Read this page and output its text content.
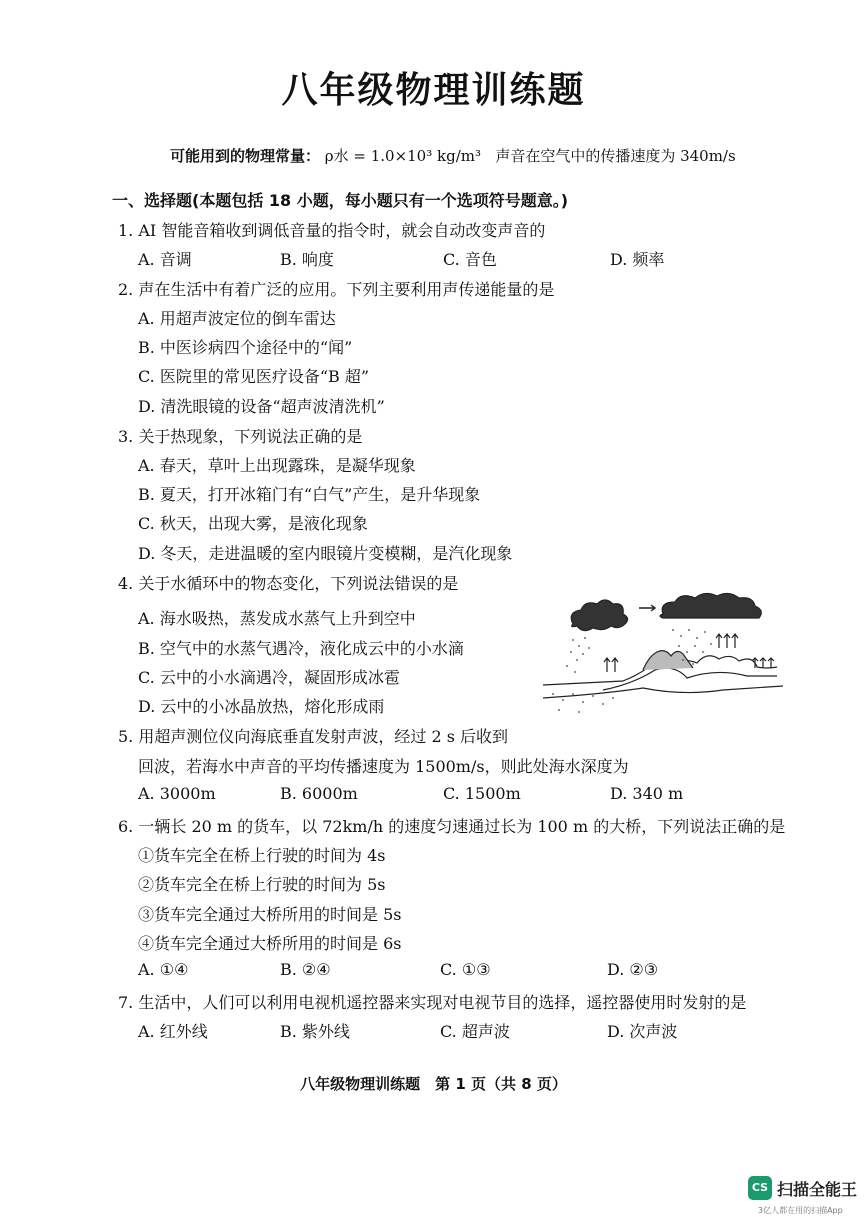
八年级物理训练题
可能用到的物理常量： ρ水 = 1.0×10³ kg/m³ 声音在空气中的传播速度为 340m/s
一、选择题(本题包括 18 小题，每小题只有一个选项符号题意。)
1. AI 智能音箱收到调低音量的指令时，就会自动改变声音的
A. 音调	B. 响度	C. 音色	D. 频率
2. 声在生活中有着广泛的应用。下列主要利用声传递能量的是
A. 用超声波定位的倒车雷达
B. 中医诊病四个途径中的“闻”
C. 医院里的常见医疗设备“B 超”
D. 清洗眼镜的设备“超声波清洗机”
3. 关于热现象，下列说法正确的是
A. 春天，草叶上出现露珠，是凝华现象
B. 夏天，打开冰箱门有“白气”产生，是升华现象
C. 秋天，出现大雾，是液化现象
D. 冬天，走进温暖的室内眼镜片变模糊，是汽化现象
4. 关于水循环中的物态变化，下列说法错误的是
A. 海水吸热，蒸发成水蒸气上升到空中
B. 空气中的水蒸气遇冷，液化成云中的小水滴
C. 云中的小水滴遇冷，凝固形成冰雹
D. 云中的小冰晶放热，熔化形成雨
5. 用超声测位仪向海底垂直发射声波，经过 2 s 后收到
回波，若海水中声音的平均传播速度为 1500m/s，则此处海水深度为
A. 3000m	B. 6000m	C. 1500m	D. 340 m
6. 一辆长 20 m 的货车，以 72km/h 的速度匀速通过长为 100 m 的大桥，下列说法正确的是
①货车完全在桥上行驶的时间为 4s
②货车完全在桥上行驶的时间为 5s
③货车完全通过大桥所用的时间是 5s
④货车完全通过大桥所用的时间是 6s
A. ①④	B. ②④	C. ①③	D. ②③
7. 生活中，人们可以利用电视机遥控器来实现对电视节目的选择，遥控器使用时发射的是
A. 红外线	B. 紫外线	C. 超声波	D. 次声波
八年级物理训练题　第 1 页（共 8 页）
CS 扫描全能王
3亿人都在用的扫描App
